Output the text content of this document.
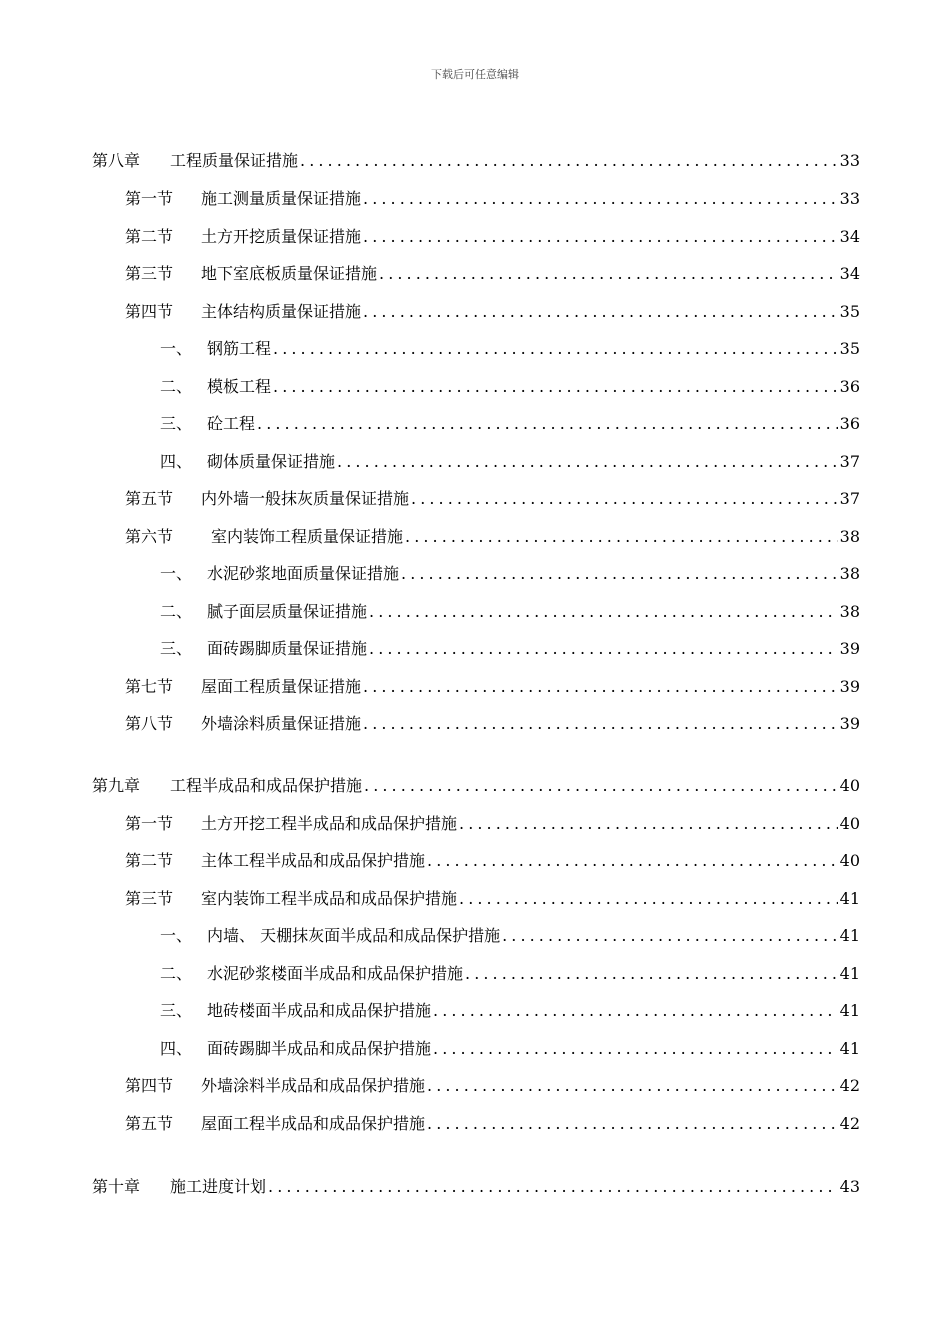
下载后可任意编辑
第八章	工程质量保证措施 . . .	33
第一节	施工测量质量保证措施 . . .	33
第二节	土方开挖质量保证措施 . . .	34
第三节	地下室底板质量保证措施 . . .	34
第四节	主体结构质量保证措施 . . .	35
一、 钢筋工程 . . .	35
二、 模板工程 . . .	36
三、 砼工程 . . .	36
四、 砌体质量保证措施 . . .	37
第五节	内外墙一般抹灰质量保证措施 . . .	37
第六节	室内装饰工程质量保证措施 . . .	38
一、 水泥砂浆地面质量保证措施 . . .	38
二、 腻子面层质量保证措施 . . .	38
三、 面砖踢脚质量保证措施 . . .	39
第七节	屋面工程质量保证措施 . . .	39
第八节	外墙涂料质量保证措施 . . .	39
第九章	工程半成品和成品保护措施 . . .	40
第一节	土方开挖工程半成品和成品保护措施 . . .	40
第二节	主体工程半成品和成品保护措施 . . .	40
第三节	室内装饰工程半成品和成品保护措施 . . .	41
一、 内墙、 天棚抹灰面半成品和成品保护措施 . . .	41
二、 水泥砂浆楼面半成品和成品保护措施 . . .	41
三、 地砖楼面半成品和成品保护措施 . . .	41
四、 面砖踢脚半成品和成品保护措施 . . .	41
第四节	外墙涂料半成品和成品保护措施 . . .	42
第五节	屋面工程半成品和成品保护措施 . . .	42
第十章	施工进度计划 . . .	43
